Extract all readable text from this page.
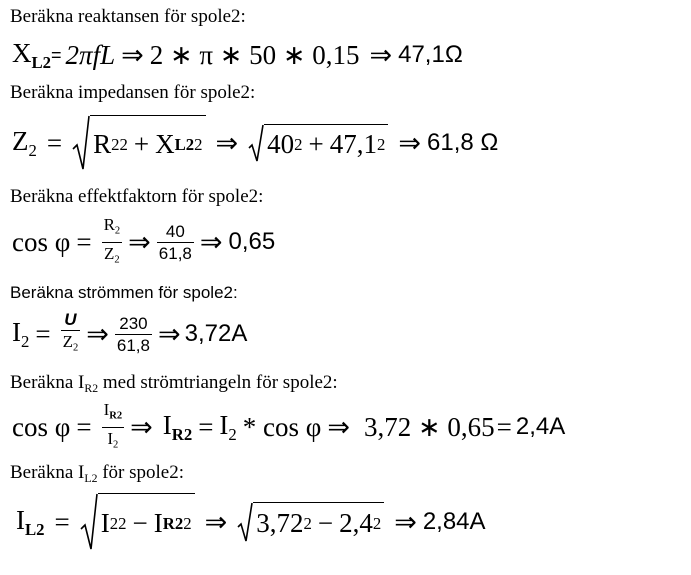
Beräkna reaktansen för spole2:
$X_{L2} = 2\pi fL$ ⇒ 2 ∗ π ∗ 50 ∗ 0,15 ⇒ 47,1Ω
Beräkna impedansen för spole2:
$Z_2 = R$ 2 2 + X L2 2 ⇒ 40 2 + 47,1 2 ⇒ 61,8 Ω
Beräkna effektfaktorn för spole2:
$\cos \varphi = \frac{R_2}{Z_2}$ ⇒ $\frac{40}{61,8}$ ⇒ 0,65
Beräkna strömmen för spole2:
$I_2 = \frac{U}{Z_2}$ ⇒ $\frac{230}{61,8}$ ⇒ 3,72A
Beräkna $I_{R2}$ med strömtriangeln för spole2:
$\cos \varphi = \frac{I_{R2}}{I_2}$ ⇒ $I_{R2} = I_2 * \cos \varphi$ ⇒ 3,72 ∗ 0,65 = 2,4A
Beräkna $I_{L2}$ för spole2:
$I_{L2} = I$ 2 2 − I R2 2 ⇒ 3,72 2 − 2,4 2 ⇒ 2,84A
